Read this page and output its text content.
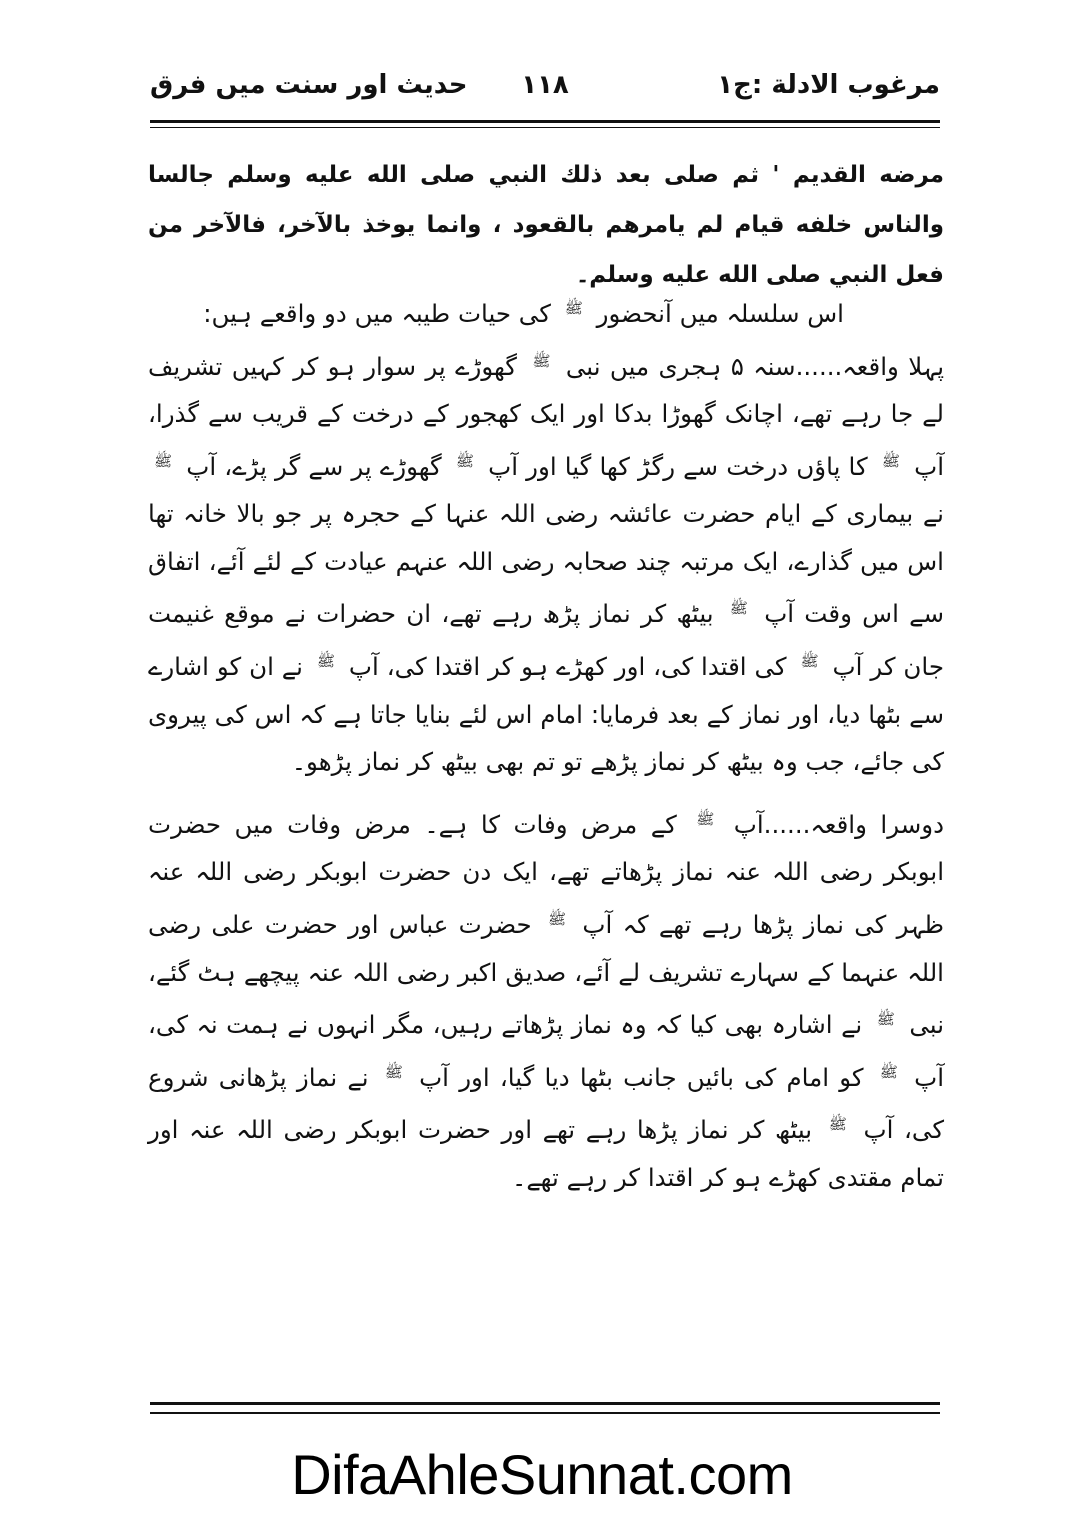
مرغوب الادلة :ج۱
۱۱۸
حدیث اور سنت میں فرق
مرضه القديم ' ثم صلى بعد ذلك النبي صلى الله عليه وسلم جالسا والناس خلفه قيام لم يامرهم بالقعود ، وانما يوخذ بالآخر، فالآخر من فعل النبي صلى الله عليه وسلم۔

اس سلسلہ میں آنحضور $^ﷺ$ کی حیات طیبہ میں دو واقعے ہیں:

پہلا واقعہ......سنہ ۵ ہجری میں نبی $^ﷺ$ گھوڑے پر سوار ہو کر کہیں تشریف لے جا رہے تھے، اچانک گھوڑا بدکا اور ایک کھجور کے درخت کے قریب سے گذرا، آپ $^ﷺ$ کا پاؤں درخت سے رگڑ کھا گیا اور آپ $^ﷺ$ گھوڑے پر سے گر پڑے، آپ $^ﷺ$ نے بیماری کے ایام حضرت عائشہ رضی اللہ عنہا کے حجرہ پر جو بالا خانہ تھا اس میں گذارے، ایک مرتبہ چند صحابہ رضی اللہ عنہم عیادت کے لئے آئے، اتفاق سے اس وقت آپ $^ﷺ$ بیٹھ کر نماز پڑھ رہے تھے، ان حضرات نے موقع غنیمت جان کر آپ $^ﷺ$ کی اقتدا کی، اور کھڑے ہو کر اقتدا کی، آپ $^ﷺ$ نے ان کو اشارے سے بٹھا دیا، اور نماز کے بعد فرمایا: امام اس لئے بنایا جاتا ہے کہ اس کی پیروی کی جائے، جب وہ بیٹھ کر نماز پڑھے تو تم بھی بیٹھ کر نماز پڑھو۔

دوسرا واقعہ......آپ $^ﷺ$ کے مرض وفات کا ہے۔ مرض وفات میں حضرت ابوبکر رضی اللہ عنہ نماز پڑھاتے تھے، ایک دن حضرت ابوبکر رضی اللہ عنہ ظہر کی نماز پڑھا رہے تھے کہ آپ $^ﷺ$ حضرت عباس اور حضرت علی رضی اللہ عنہما کے سہارے تشریف لے آئے، صدیق اکبر رضی اللہ عنہ پیچھے ہٹ گئے، نبی $^ﷺ$ نے اشارہ بھی کیا کہ وہ نماز پڑھاتے رہیں، مگر انہوں نے ہمت نہ کی، آپ $^ﷺ$ کو امام کی بائیں جانب بٹھا دیا گیا، اور آپ $^ﷺ$ نے نماز پڑھانی شروع کی، آپ $^ﷺ$ بیٹھ کر نماز پڑھا رہے تھے اور حضرت ابوبکر رضی اللہ عنہ اور تمام مقتدی کھڑے ہو کر اقتدا کر رہے تھے۔

DifaAhleSunnat.com
